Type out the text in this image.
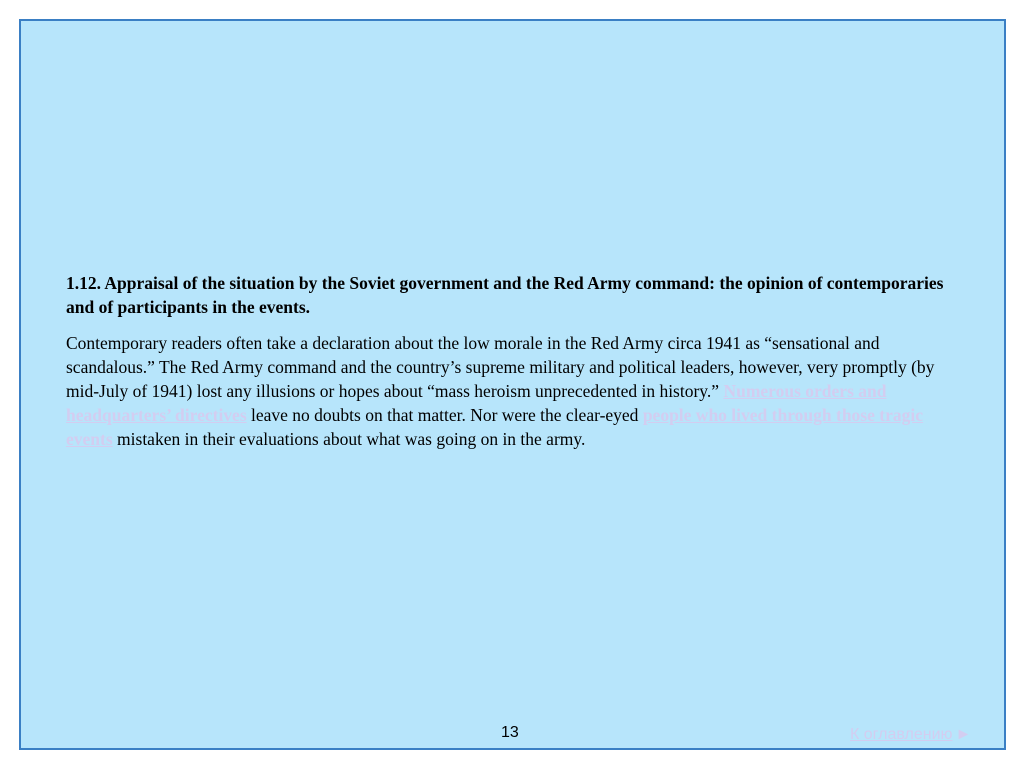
1.12. Appraisal of the situation by the Soviet government and the Red Army command: the opinion of contemporaries and of participants in the events.

Contemporary readers often take a declaration about the low morale in the Red Army circa 1941 as “sensational and scandalous.” The Red Army command and the country’s supreme military and political leaders, however, very promptly (by mid-July of 1941) lost any illusions or hopes about “mass heroism unprecedented in history.” Numerous orders and headquarters’ directives leave no doubts on that matter. Nor were the clear-eyed people who lived through those tragic events mistaken in their evaluations about what was going on in the army.

13	К оглавлению ►
